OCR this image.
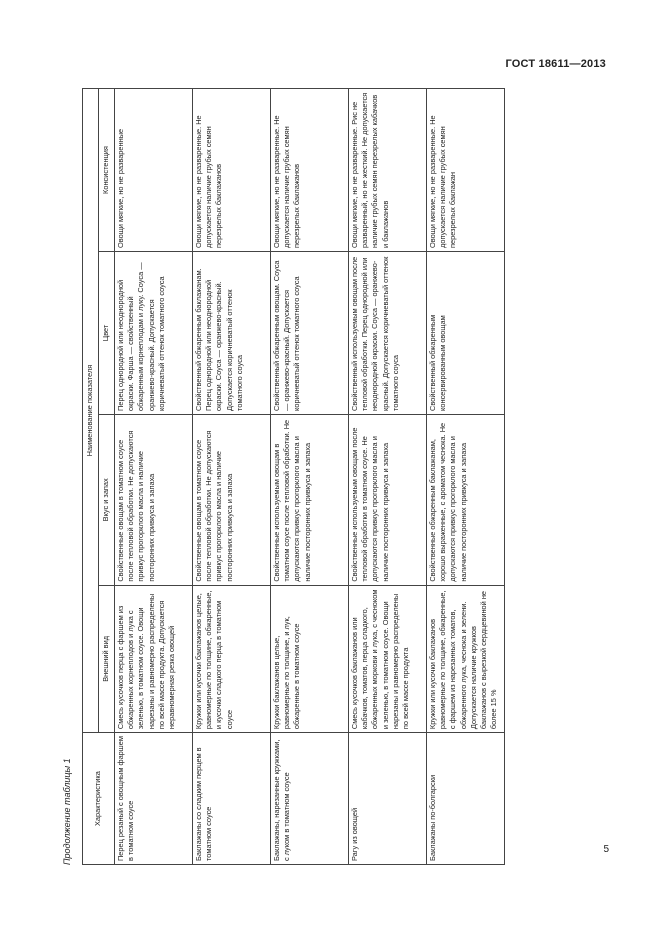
ГОСТ 18611—2013
Продолжение таблицы 1	Характеристика	Наименование показателя			
	Внешний вид	Вкус и запах	Цвет	Консистенция
Перец резаный с овощным фаршем в томатном соусе	Смесь кусочков перца с фаршем из обжаренных корнеплодов и лука с зеленью, в томатном соусе. Овощи нарезаны и равномерно распределены по всей массе продукта. Допускается неравномерная резка овощей	Свойственные овощам в томатном соусе после тепловой обработки. Не допускаются привкус прогорклого масла и наличие посторонних привкуса и запаха	Перец однородной или неоднородной окраски. Фарша — свойственный обжаренным корнеплодам и луку. Соуса — оранжево-красный. Допускается коричневатый оттенок томатного соуса	Овощи мягкие, но не разваренные
Баклажаны со сладким перцем в томатном соусе	Кружки или кусочки баклажанов целые, равномерные по толщине, обжаренные, и кусочки сладкого перца в томатном соусе	Свойственные овощам в томатном соусе после тепловой обработки. Не допускаются привкус прогорклого масла и наличие посторонних привкуса и запаха	Свойственный обжаренным баклажанам. Перец однородной или неоднородной окраски. Соуса — оранжево-красный. Допускается коричневатый оттенок томатного соуса	Овощи мягкие, но не разваренные. Не допускается наличие грубых семян перезрелых баклажанов
Баклажаны, нарезанные кружками, с луком в томатном соусе	Кружки баклажанов целые, равномерные по толщине, и лук, обжаренные в томатном соусе	Свойственные используемым овощам в томатном соусе после тепловой обработки. Не допускаются привкус прогорклого масла и наличие посторонних привкуса и запаха	Свойственный обжаренным овощам. Соуса — оранжево-красный. Допускается коричневатый оттенок томатного соуса	Овощи мягкие, но не разваренные. Не допускается наличие грубых семян перезрелых баклажанов
Рагу из овощей	Смесь кусочков баклажанов или кабачков, томатов, перца сладкого, обжаренных моркови и лука, с чесноком и зеленью, в томатном соусе. Овощи нарезаны и равномерно распределены по всей массе продукта	Свойственные используемым овощам после тепловой обработки в томатном соусе. Не допускаются привкус прогорклого масла и наличие посторонних привкуса и запаха	Свойственный используемым овощам после тепловой обработки. Перец однородной или неоднородной окраски. Соуса — оранжево-красный. Допускается коричневатый оттенок томатного соуса	Овощи мягкие, но не разваренные. Рис не разваренный, но не жесткий. Не допускается наличие грубых семян перезрелых кабачков и баклажанов
Баклажаны по-болгарски	Кружки или кусочки баклажанов равномерные по толщине, обжаренные, с фаршем из нарезанных томатов, обжаренного лука, чеснока и зелени. Допускается наличие кружков баклажанов с вырезкой сердцевиной не более 15 %	Свойственные обжаренным баклажанам, хорошо выраженные, с ароматом чеснока. Не допускаются привкус прогорклого масла и наличие посторонних привкуса и запаха	Свойственный обжаренным консервированным овощам	Овощи мягкие, но не разваренные. Не допускается наличие грубых семян перезрелых баклажан
5
